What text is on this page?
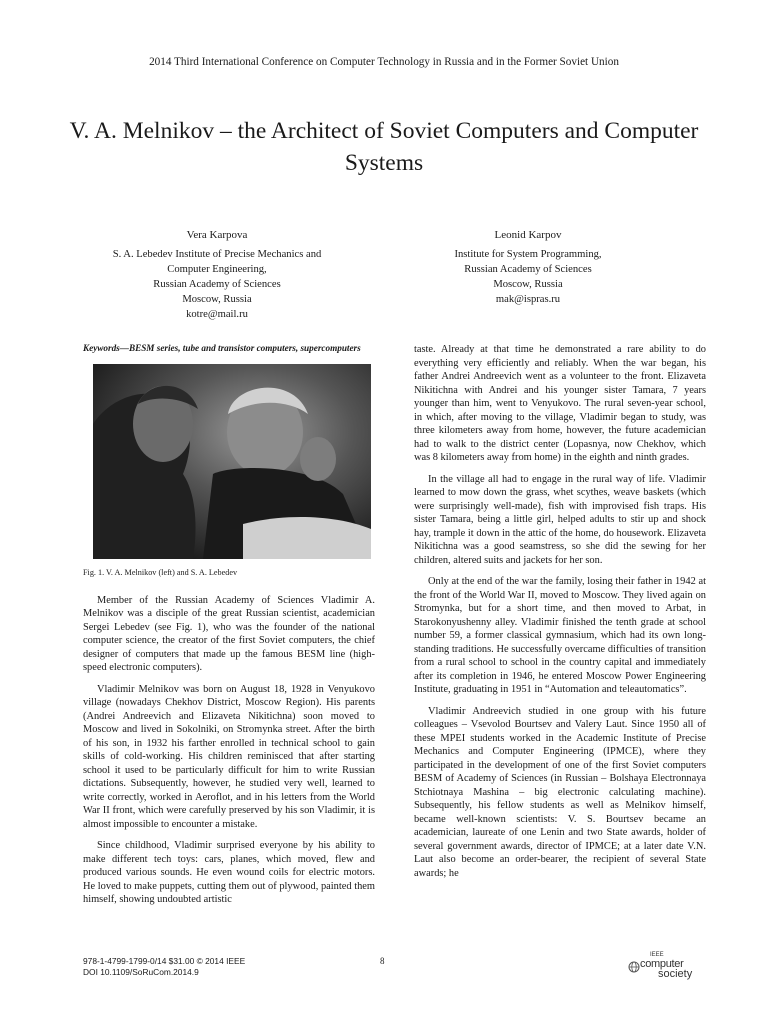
2014 Third International Conference on Computer Technology in Russia and in the Former Soviet Union
V. A. Melnikov – the Architect of Soviet Computers and Computer Systems
Vera Karpova
S. A. Lebedev Institute of Precise Mechanics and
Computer Engineering,
Russian Academy of Sciences
Moscow, Russia
kotre@mail.ru
Leonid Karpov
Institute for System Programming,
Russian Academy of Sciences
Moscow, Russia
mak@ispras.ru
Keywords—BESM series, tube and transistor computers, supercomputers
Fig. 1. V. A. Melnikov (left) and S. A. Lebedev

Member of the Russian Academy of Sciences Vladimir A. Melnikov was a disciple of the great Russian scientist, academician Sergei Lebedev (see Fig. 1), who was the founder of the national computer science, the creator of the first Soviet computers, the chief designer of computers that made up the famous BESM line (high-speed electronic computers).

Vladimir Melnikov was born on August 18, 1928 in Venyukovo village (nowadays Chekhov District, Moscow Region). His parents (Andrei Andreevich and Elizaveta Nikitichna) soon moved to Moscow and lived in Sokolniki, on Stromynka street. After the birth of his son, in 1932 his farther enrolled in technical school to gain skills of cold-working. His children reminisced that after starting school it used to be particularly difficult for him to write Russian dictations. Subsequently, however, he studied very well, learned to write correctly, worked in Aeroflot, and in his letters from the World War II front, which were carefully preserved by his son Vladimir, it is almost impossible to encounter a mistake.

Since childhood, Vladimir surprised everyone by his ability to make different tech toys: cars, planes, which moved, flew and produced various sounds. He even wound coils for electric motors. He loved to make puppets, cutting them out of plywood, painted them himself, showing undoubted artistic

taste. Already at that time he demonstrated a rare ability to do everything very efficiently and reliably. When the war began, his father Andrei Andreevich went as a volunteer to the front. Elizaveta Nikitichna with Andrei and his younger sister Tamara, 7 years younger than him, went to Venyukovo. The rural seven-year school, in which, after moving to the village, Vladimir began to study, was three kilometers away from home, however, the future academician had to walk to the district center (Lopasnya, now Chekhov, which was 8 kilometers away from home) in the eighth and ninth grades.

In the village all had to engage in the rural way of life. Vladimir learned to mow down the grass, whet scythes, weave baskets (which were surprisingly well-made), fish with improvised fish traps. His sister Tamara, being a little girl, helped adults to stir up and shock hay, trample it down in the attic of the home, do housework. Elizaveta Nikitichna was a good seamstress, so she did the sewing for her children, altered suits and jackets for her son.

Only at the end of the war the family, losing their father in 1942 at the front of the World War II, moved to Moscow. They lived again on Stromynka, but for a short time, and then moved to Arbat, in Starokonyushenny alley. Vladimir finished the tenth grade at school number 59, a former classical gymnasium, which had its own long-standing traditions. He successfully overcame difficulties of transition from a rural school to school in the country capital and immediately after its completion in 1946, he entered Moscow Power Engineering Institute, graduating in 1951 in “Automation and teleautomatics”.

Vladimir Andreevich studied in one group with his future colleagues – Vsevolod Bourtsev and Valery Laut. Since 1950 all of these MPEI students worked in the Academic Institute of Precise Mechanics and Computer Engineering (IPMCE), where they participated in the development of one of the first Soviet computers BESM of Academy of Sciences (in Russian – Bolshaya Electronnaya Stchiotnaya Mashina – big electronic calculating machine). Subsequently, his fellow students as well as Melnikov himself, became well-known scientists: V. S. Bourtsev became an academician, laureate of one Lenin and two State awards, holder of several government awards, director of IPMCE; at a later date V.N. Laut also become an order-bearer, the recipient of several State awards; he

978-1-4799-1799-0/14 $31.00 © 2014 IEEE
DOI 10.1109/SoRuCom.2014.9
8
IEEE
computer
society
